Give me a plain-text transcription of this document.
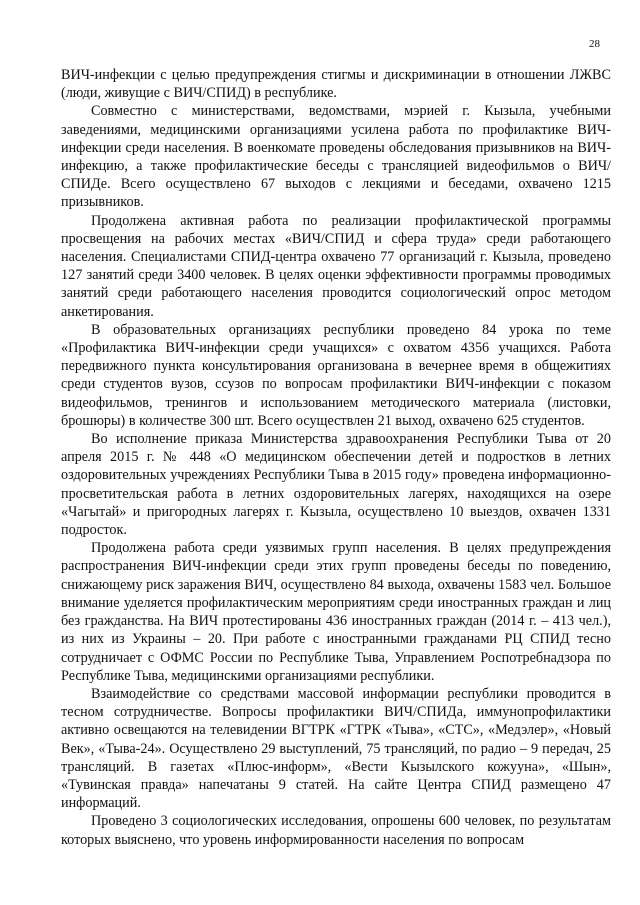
28

ВИЧ-инфекции с целью предупреждения стигмы и дискриминации в отношении ЛЖВС (люди, живущие с ВИЧ/СПИД) в республике.

Совместно с министерствами, ведомствами, мэрией г. Кызыла, учебными заведениями, медицинскими организациями усилена работа по профилактике ВИЧ-инфекции среди населения. В военкомате проведены обследования призывников на ВИЧ-инфекцию, а также профилактические беседы с трансляцией видеофильмов о ВИЧ/СПИДе. Всего осуществлено 67 выходов с лекциями и беседами, охвачено 1215 призывников.

Продолжена активная работа по реализации профилактической программы просвещения на рабочих местах «ВИЧ/СПИД и сфера труда» среди работающего населения. Специалистами СПИД-центра охвачено 77 организаций г. Кызыла, проведено 127 занятий среди 3400 человек. В целях оценки эффективности программы проводимых занятий среди работающего населения проводится социологический опрос методом анкетирования.

В образовательных организациях республики проведено 84 урока по теме «Профилактика ВИЧ-инфекции среди учащихся» с охватом 4356 учащихся. Работа передвижного пункта консультирования организована в вечернее время в общежитиях среди студентов вузов, ссузов по вопросам профилактики ВИЧ-инфекции с показом видеофильмов, тренингов и использованием методического материала (листовки, брошюры) в количестве 300 шт. Всего осуществлен 21 выход, охвачено 625 студентов.

Во исполнение приказа Министерства здравоохранения Республики Тыва от 20 апреля 2015 г. № 448 «О медицинском обеспечении детей и подростков в летних оздоровительных учреждениях Республики Тыва в 2015 году» проведена информационно-просветительская работа в летних оздоровительных лагерях, находящихся на озере «Чагытай» и пригородных лагерях г. Кызыла, осуществлено 10 выездов, охвачен 1331 подросток.

Продолжена работа среди уязвимых групп населения. В целях предупреждения распространения ВИЧ-инфекции среди этих групп проведены беседы по поведению, снижающему риск заражения ВИЧ, осуществлено 84 выхода, охвачены 1583 чел. Большое внимание уделяется профилактическим мероприятиям среди иностранных граждан и лиц без гражданства. На ВИЧ протестированы 436 иностранных граждан (2014 г. – 413 чел.), из них из Украины – 20. При работе с иностранными гражданами РЦ СПИД тесно сотрудничает с ОФМС России по Республике Тыва, Управлением Роспотребнадзора по Республике Тыва, медицинскими организациями республики.

Взаимодействие со средствами массовой информации республики проводится в тесном сотрудничестве. Вопросы профилактики ВИЧ/СПИДа, иммунопрофилактики активно освещаются на телевидении ВГТРК «ГТРК «Тыва», «СТС», «Медэлер», «Новый Век», «Тыва-24». Осуществлено 29 выступлений, 75 трансляций, по радио – 9 передач, 25 трансляций. В газетах «Плюс-информ», «Вести Кызылского кожууна», «Шын», «Тувинская правда» напечатаны 9 статей. На сайте Центра СПИД размещено 47 информаций.

Проведено 3 социологических исследования, опрошены 600 человек, по результатам которых выяснено, что уровень информированности населения по вопросам
